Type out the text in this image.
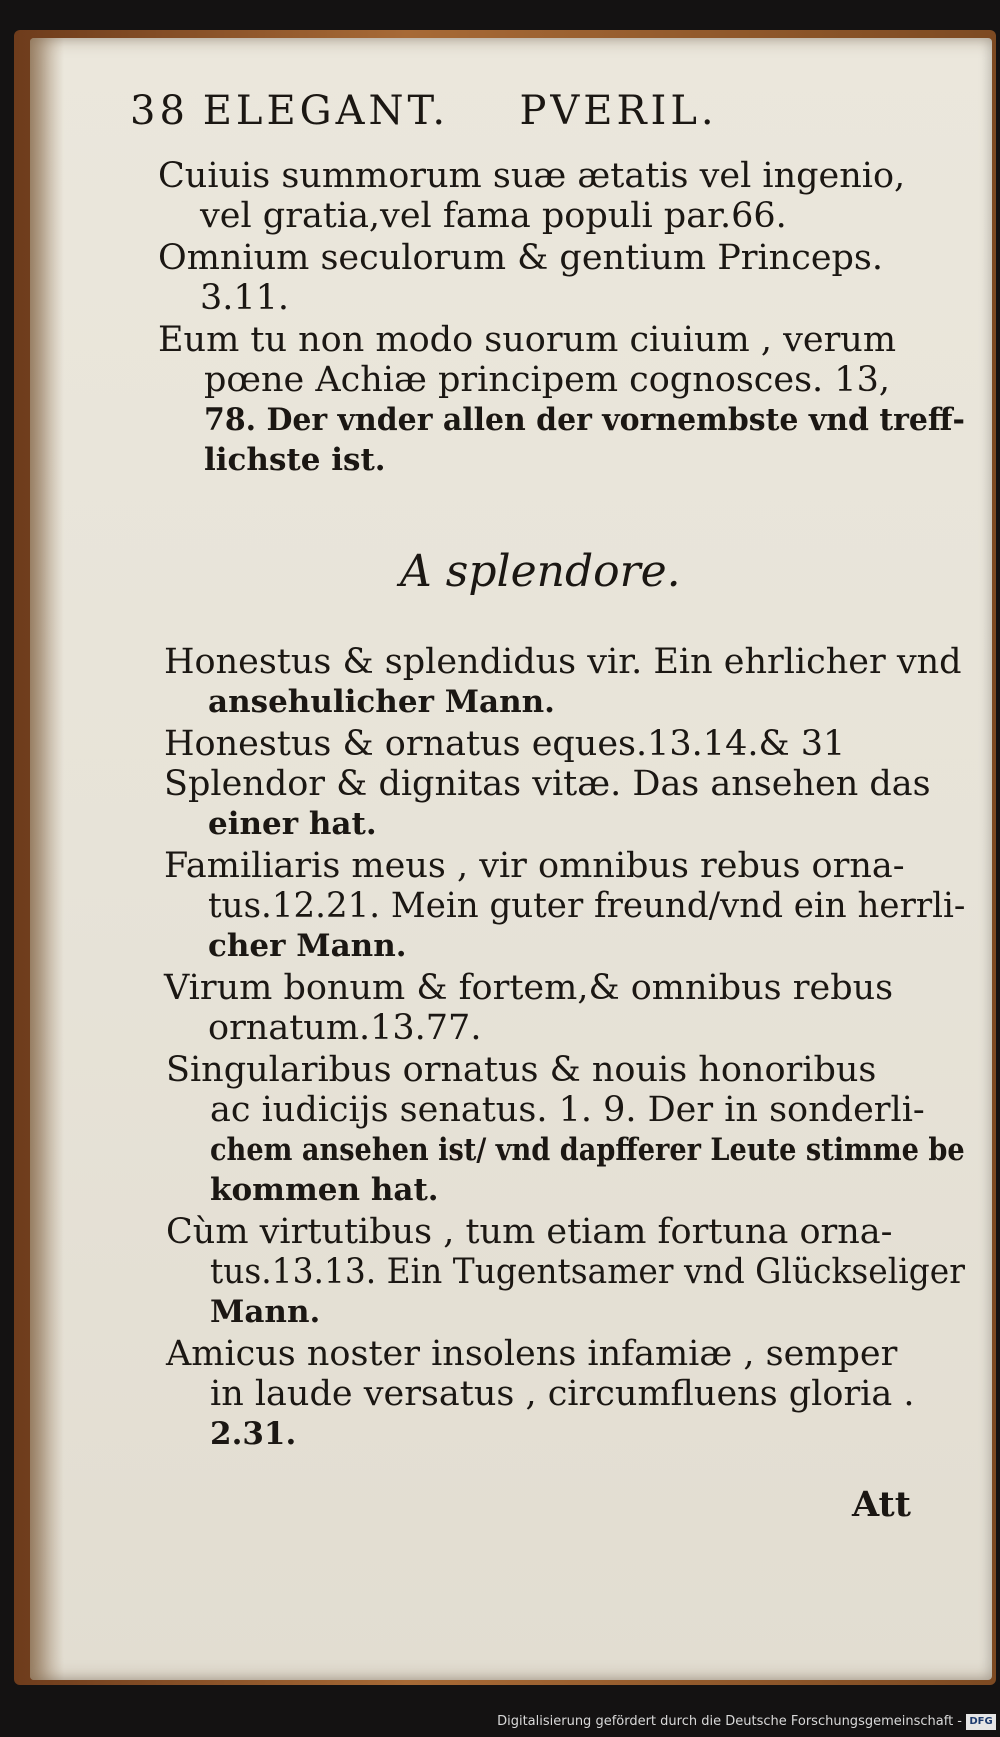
38 ELEGANT. PVERIL.
Cuiuis summorum suæ ætatis vel ingenio,
vel gratia,vel fama populi par.66.
Omnium seculorum & gentium Princeps.
3.11.
Eum tu non modo suorum ciuium , verum
pœne Achiæ principem cognosces. 13,
78. Der vnder allen der vornembste vnd treff-
lichste ist.
A splendore.
Honestus & splendidus vir. Ein ehrlicher vnd
ansehulicher Mann.
Honestus & ornatus eques.13.14.& 31
Splendor & dignitas vitæ. Das ansehen das
einer hat.
Familiaris meus , vir omnibus rebus orna-
tus.12.21. Mein guter freund/vnd ein herrli-
cher Mann.
Virum bonum & fortem,& omnibus rebus
ornatum.13.77.
Singularibus ornatus & nouis honoribus
ac iudicijs senatus. 1. 9. Der in sonderli-
chem ansehen ist/ vnd dapfferer Leute stimme be
kommen hat.
Cùm virtutibus , tum etiam fortuna orna-
tus.13.13. Ein Tugentsamer vnd Glückseliger
Mann.
Amicus noster insolens infamiæ , semper
in laude versatus , circumfluens gloria .
2.31.
Att
Digitalisierung gefördert durch die Deutsche Forschungsgemeinschaft - DFG
